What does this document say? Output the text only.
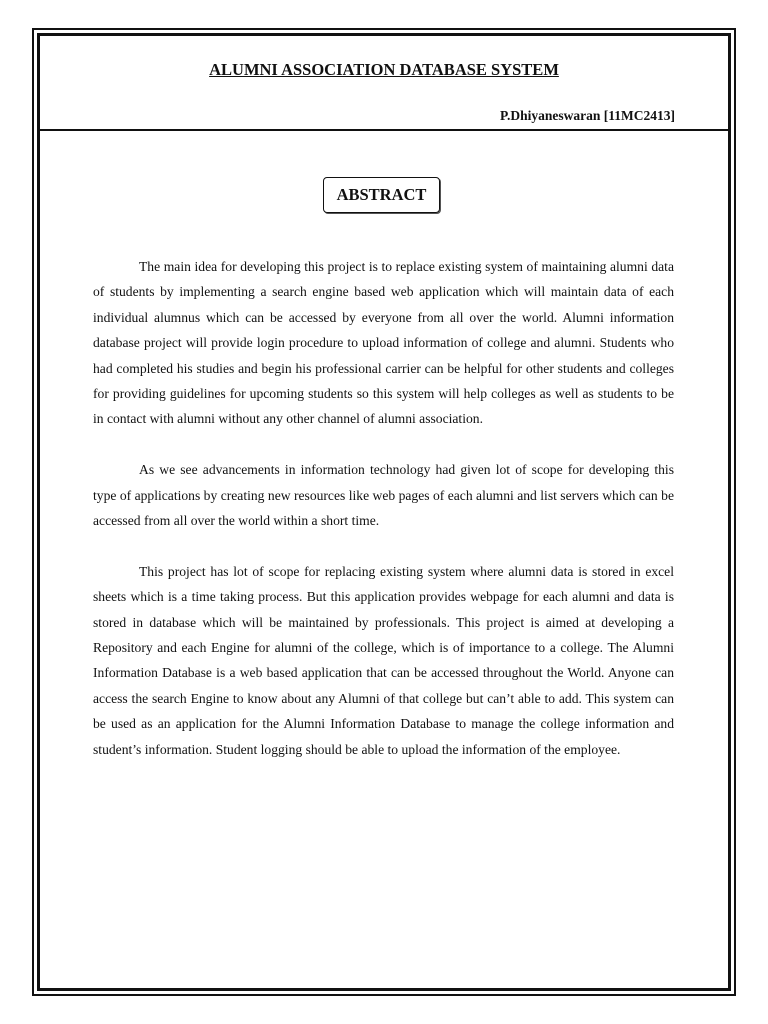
ALUMNI ASSOCIATION DATABASE SYSTEM
P.Dhiyaneswaran [11MC2413]
ABSTRACT

The main idea for developing this project is to replace existing system of maintaining alumni data of students by implementing a search engine based web application which will maintain data of each individual alumnus which can be accessed by everyone from all over the world. Alumni information database project will provide login procedure to upload information of college and alumni. Students who had completed his studies and begin his professional carrier can be helpful for other students and colleges for providing guidelines for upcoming students so this system will help colleges as well as students to be in contact with alumni without any other channel of alumni association.

As we see advancements in information technology had given lot of scope for developing this type of applications by creating new resources like web pages of each alumni and list servers which can be accessed from all over the world within a short time.

This project has lot of scope for replacing existing system where alumni data is stored in excel sheets which is a time taking process. But this application provides webpage for each alumni and data is stored in database which will be maintained by professionals. This project is aimed at developing a Repository and each Engine for alumni of the college, which is of importance to a college. The Alumni Information Database is a web based application that can be accessed throughout the World. Anyone can access the search Engine to know about any Alumni of that college but can’t able to add. This system can be used as an application for the Alumni Information Database to manage the college information and student’s information. Student logging should be able to upload the information of the employee.
